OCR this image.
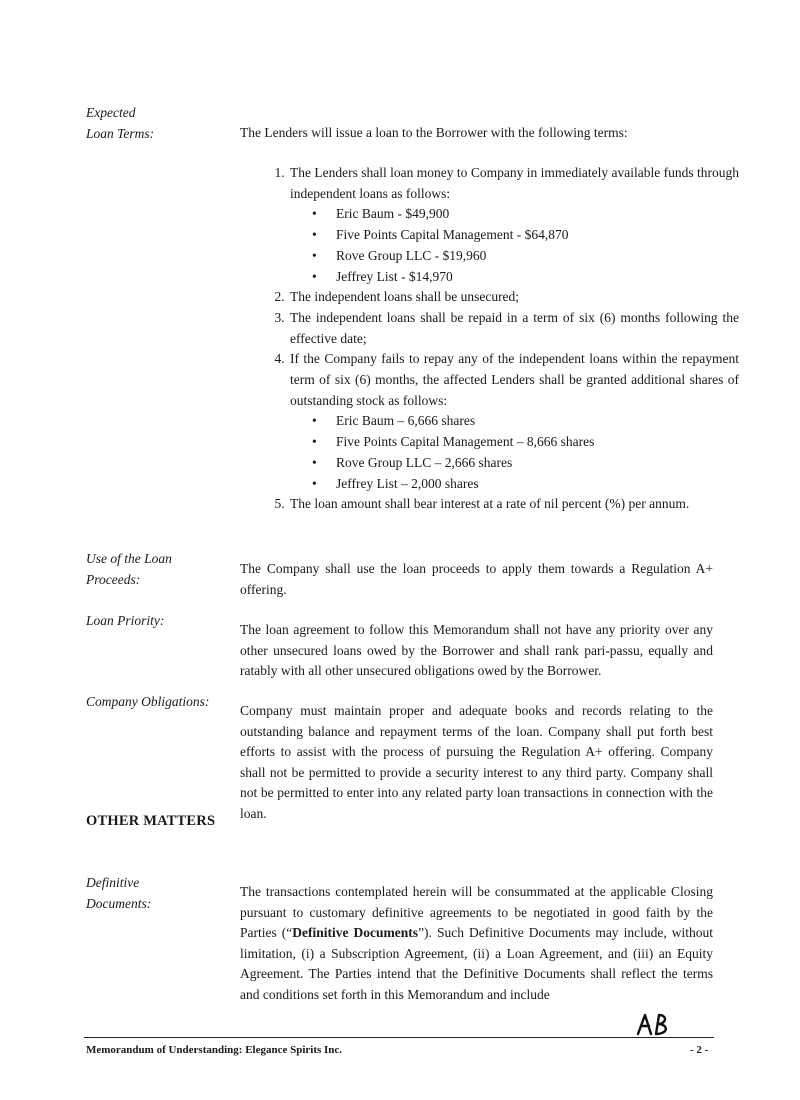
Expected
Loan Terms:	The Lenders will issue a loan to the Borrower with the following terms:
1. The Lenders shall loan money to Company in immediately available funds through independent loans as follows:
• Eric Baum - $49,900
• Five Points Capital Management - $64,870
• Rove Group LLC - $19,960
• Jeffrey List - $14,970
2. The independent loans shall be unsecured;
3. The independent loans shall be repaid in a term of six (6) months following the effective date;
4. If the Company fails to repay any of the independent loans within the repayment term of six (6) months, the affected Lenders shall be granted additional shares of outstanding stock as follows:
• Eric Baum – 6,666 shares
• Five Points Capital Management – 8,666 shares
• Rove Group LLC – 2,666 shares
• Jeffrey List – 2,000 shares
5. The loan amount shall bear interest at a rate of nil percent (%) per annum.
Use of the Loan
Proceeds:
The Company shall use the loan proceeds to apply them towards a Regulation A+ offering.
Loan Priority:
The loan agreement to follow this Memorandum shall not have any priority over any other unsecured loans owed by the Borrower and shall rank pari-passu, equally and ratably with all other unsecured obligations owed by the Borrower.
Company Obligations:
Company must maintain proper and adequate books and records relating to the outstanding balance and repayment terms of the loan. Company shall put forth best efforts to assist with the process of pursuing the Regulation A+ offering. Company shall not be permitted to provide a security interest to any third party. Company shall not be permitted to enter into any related party loan transactions in connection with the loan.
OTHER MATTERS
Definitive
Documents:
The transactions contemplated herein will be consummated at the applicable Closing pursuant to customary definitive agreements to be negotiated in good faith by the Parties (“Definitive Documents”). Such Definitive Documents may include, without limitation, (i) a Subscription Agreement, (ii) a Loan Agreement, and (iii) an Equity Agreement. The Parties intend that the Definitive Documents shall reflect the terms and conditions set forth in this Memorandum and include
Memorandum of Understanding: Elegance Spirits Inc.	- 2 -
